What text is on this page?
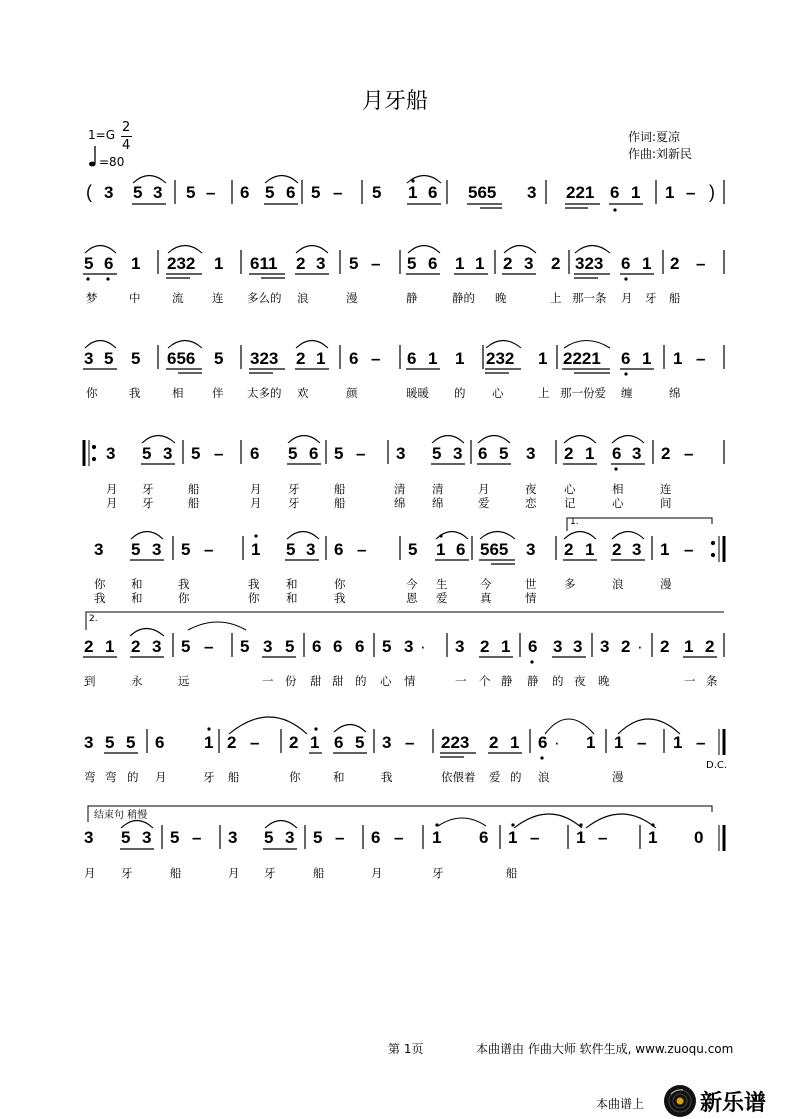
月牙船
1=G 2
4
=80
作词:夏凉
作曲:刘新民
( 3 5 3 5 – 6 5 6 5 – 5 1 6 565 3 221 6 1 1 – )
5 6 1 232 1 611 2 3 5 – 5 6 1 1 2 3 2 323 6 1 2 –
3 5 5 656 5 323 2 1 6 – 6 1 1 232 1 2221 6 1 1 –
3 5 3 5 – 6 5 6 5 – 3 5 3 6 5 3 2 1 6 3 2 –
3 5 3 5 – 1 5 3 6 – 5 1 6 565 3 2 1 2 3 1 –
2 1 2 3 5 – 5 3 5 6 6 6 5 3 · 3 2 1 6 3 3 3 2 · 2 1 2
3 5 5 6 1 2 – 2 1 6 5 3 – 223 2 1 6 · 1 1 – 1 –
3 5 3 5 – 3 5 3 5 – 6 – 1 6 1 – 1 – 1 0
1.
2.
D.C.
结束句 稍慢
梦	中	流 连 多么的 浪	漫	静	静的 晚	上 那一条 月 牙 船
你	我	相 伴 太多的 欢	颜	暖暖 的 心	上 那一份爱 缠	绵
月 牙	船	月 牙	船	清 清	月	夜 心	相	连
月 牙	船	月 牙	船	绵 绵	爱	恋 记	心	间
你 和	我	我 和	你	今 生	今	世 多	浪	漫
我 和	你	你 和	我	恩 爱	真	情
到	永	远	一 份 甜 甜 的 心 情	一 个 静 静 的 夜 晚	一 条
弯 弯 的 月	牙 船	你	和	我	依偎着 爱 的 浪	漫
月 牙	船	月 牙	船	月	牙	船
第 1页	本曲谱由 作曲大师 软件生成, www.zuoqu.com
本曲谱上	新乐谱
